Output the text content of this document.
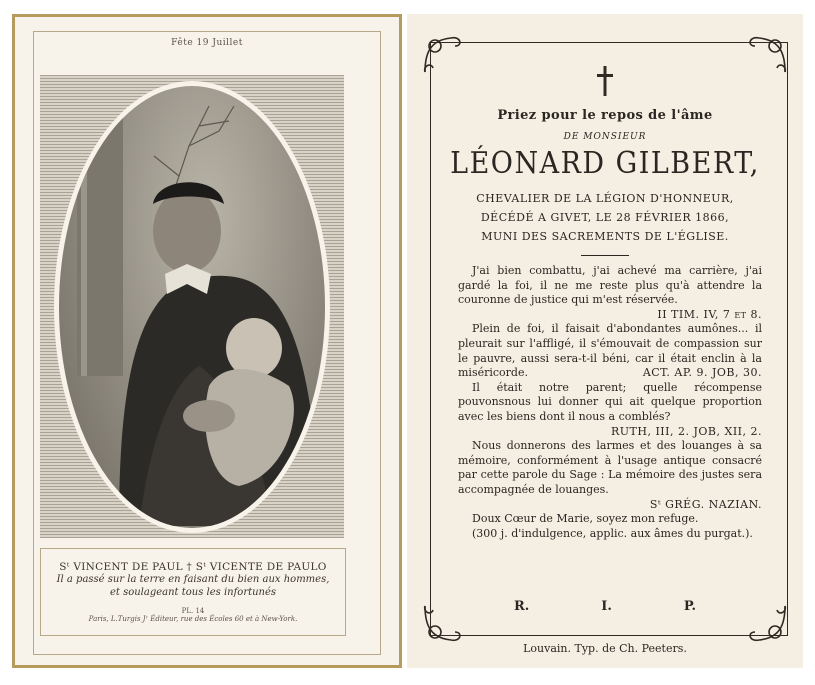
Fête 19 Juillet
Sᵗ VINCENT DE PAUL † Sᵗ VICENTE DE PAULO
Il a passé sur la terre en faisant du bien aux hommes,
et soulageant tous les infortunés
PL. 14
Paris, L.Turgis Jʳ Éditeur, rue des Écoles 60 et à New-York.
Priez pour le repos de l'âme
DE MONSIEUR
LÉONARD GILBERT,
CHEVALIER DE LA LÉGION D'HONNEUR,
DÉCÉDÉ A GIVET, LE 28 FÉVRIER 1866,
MUNI DES SACREMENTS DE L'ÉGLISE.
J'ai bien combattu, j'ai achevé ma carrière, j'ai gardé la foi, il ne me reste plus qu'à attendre la couronne de justice qui m'est réservée.
II TIM. IV, 7 et 8.
Plein de foi, il faisait d'abondantes aumônes... il pleurait sur l'affligé, il s'émouvait de compassion sur le pauvre, aussi sera-t-il béni, car il était enclin à la miséricorde.	ACT. AP. 9. JOB, 30.
Il était notre parent; quelle récompense pouvonsnous lui donner qui ait quelque proportion avec les biens dont il nous a comblés?
RUTH, III, 2. JOB, XII, 2.
Nous donnerons des larmes et des louanges à sa mémoire, conformément à l'usage antique consacré par cette parole du Sage : La mémoire des justes sera accompagnée de louanges.
Sᵗ GRÉG. NAZIAN.
Doux Cœur de Marie, soyez mon refuge.
(300 j. d'indulgence, applic. aux âmes du purgat.).
R.	I.	P.
Louvain. Typ. de Ch. Peeters.
